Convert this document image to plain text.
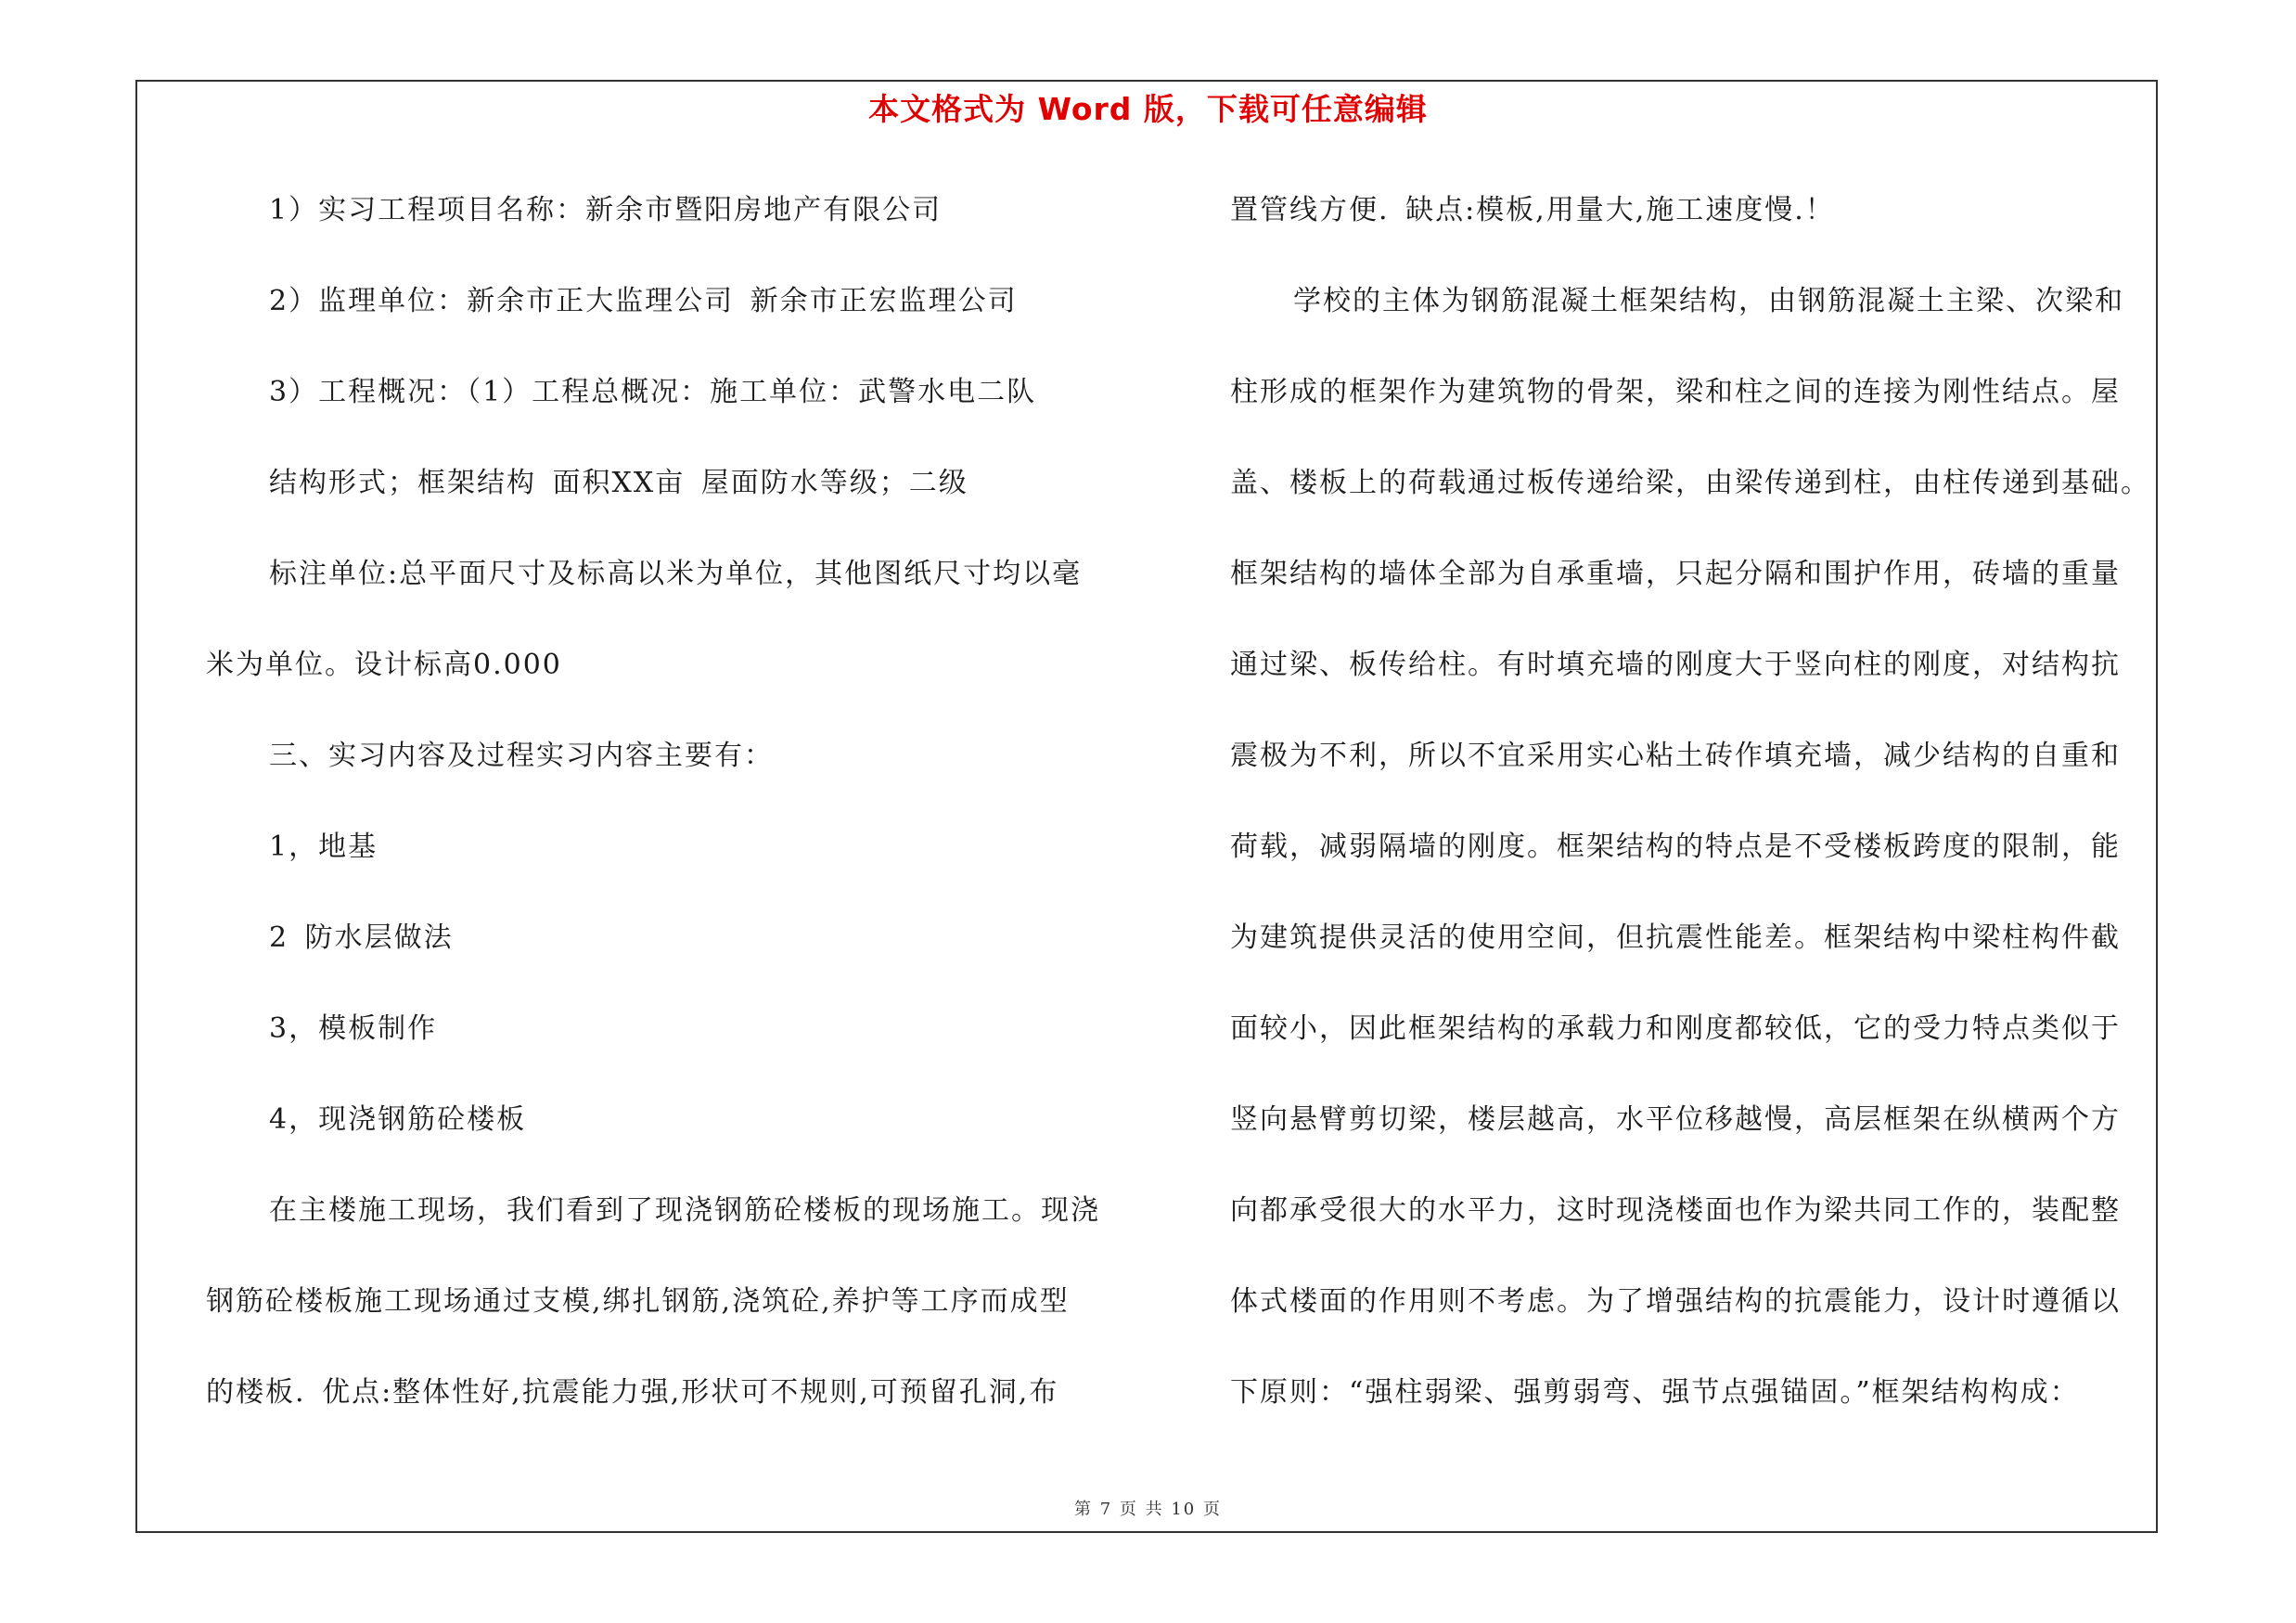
本文格式为 Word 版，下载可任意编辑
1）实习工程项目名称：新余市暨阳房地产有限公司
2）监理单位：新余市正大监理公司 新余市正宏监理公司
3）工程概况：（1）工程总概况：施工单位：武警水电二队
结构形式；框架结构 面积XX亩 屋面防水等级；二级
标注单位:总平面尺寸及标高以米为单位，其他图纸尺寸均以毫
米为单位。设计标高0.000
三、实习内容及过程实习内容主要有：
1，地基
2 防水层做法
3，模板制作
4，现浇钢筋砼楼板
在主楼施工现场，我们看到了现浇钢筋砼楼板的现场施工。现浇
钢筋砼楼板施工现场通过支模,绑扎钢筋,浇筑砼,养护等工序而成型
的楼板. 优点:整体性好,抗震能力强,形状可不规则,可预留孔洞,布
置管线方便. 缺点:模板,用量大,施工速度慢.！
学校的主体为钢筋混凝土框架结构，由钢筋混凝土主梁、次梁和
柱形成的框架作为建筑物的骨架，梁和柱之间的连接为刚性结点。屋
盖、楼板上的荷载通过板传递给梁，由梁传递到柱，由柱传递到基础。
框架结构的墙体全部为自承重墙，只起分隔和围护作用，砖墙的重量
通过梁、板传给柱。有时填充墙的刚度大于竖向柱的刚度，对结构抗
震极为不利，所以不宜采用实心粘土砖作填充墙，减少结构的自重和
荷载，减弱隔墙的刚度。框架结构的特点是不受楼板跨度的限制，能
为建筑提供灵活的使用空间，但抗震性能差。框架结构中梁柱构件截
面较小，因此框架结构的承载力和刚度都较低，它的受力特点类似于
竖向悬臂剪切梁，楼层越高，水平位移越慢，高层框架在纵横两个方
向都承受很大的水平力，这时现浇楼面也作为梁共同工作的，装配整
体式楼面的作用则不考虑。为了增强结构的抗震能力，设计时遵循以
下原则：“强柱弱梁、强剪弱弯、强节点强锚固。”框架结构构成：
第 7 页 共 10 页
